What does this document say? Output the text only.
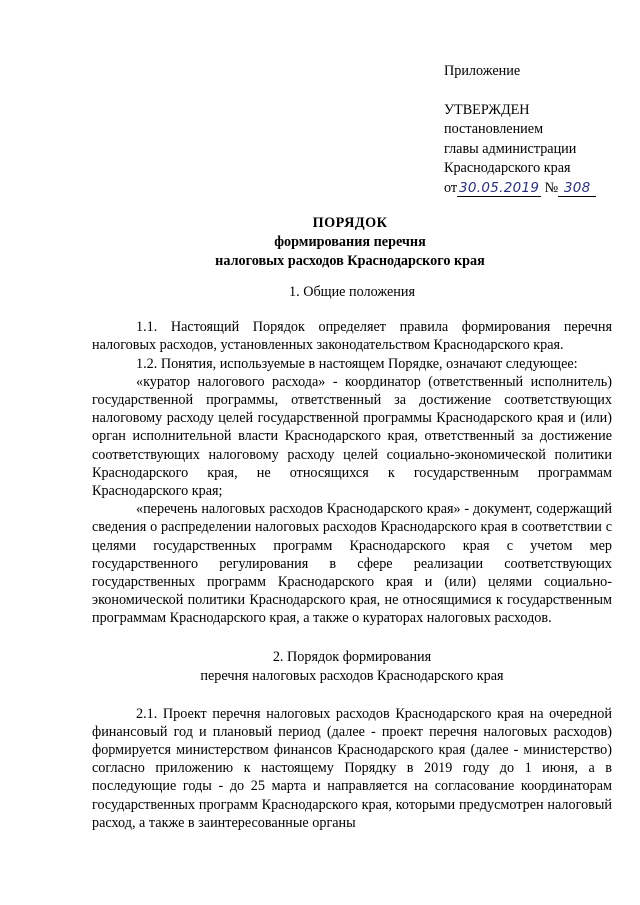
Приложение
УТВЕРЖДЕН
постановлением
главы администрации
Краснодарского края
от 30.05.2019 № 308
ПОРЯДОК
формирования перечня
налоговых расходов Краснодарского края
1. Общие положения

1.1. Настоящий Порядок определяет правила формирования перечня налоговых расходов, установленных законодательством Краснодарского края.

1.2. Понятия, используемые в настоящем Порядке, означают следующее:

«куратор налогового расхода» - координатор (ответственный исполнитель) государственной программы, ответственный за достижение соответствующих налоговому расходу целей государственной программы Краснодарского края и (или) орган исполнительной власти Краснодарского края, ответственный за достижение соответствующих налоговому расходу целей социально-экономической политики Краснодарского края, не относящихся к государственным программам Краснодарского края;

«перечень налоговых расходов Краснодарского края» - документ, содержащий сведения о распределении налоговых расходов Краснодарского края в соответствии с целями государственных программ Краснодарского края с учетом мер государственного регулирования в сфере реализации соответствующих государственных программ Краснодарского края и (или) целями социально-экономической политики Краснодарского края, не относящимися к государственным программам Краснодарского края, а также о кураторах налоговых расходов.

2. Порядок формирования
перечня налоговых расходов Краснодарского края

2.1. Проект перечня налоговых расходов Краснодарского края на очередной финансовый год и плановый период (далее - проект перечня налоговых расходов) формируется министерством финансов Краснодарского края (далее - министерство) согласно приложению к настоящему Порядку в 2019 году до 1 июня, а в последующие годы - до 25 марта и направляется на согласование координаторам государственных программ Краснодарского края, которыми предусмотрен налоговый расход, а также в заинтересованные органы
